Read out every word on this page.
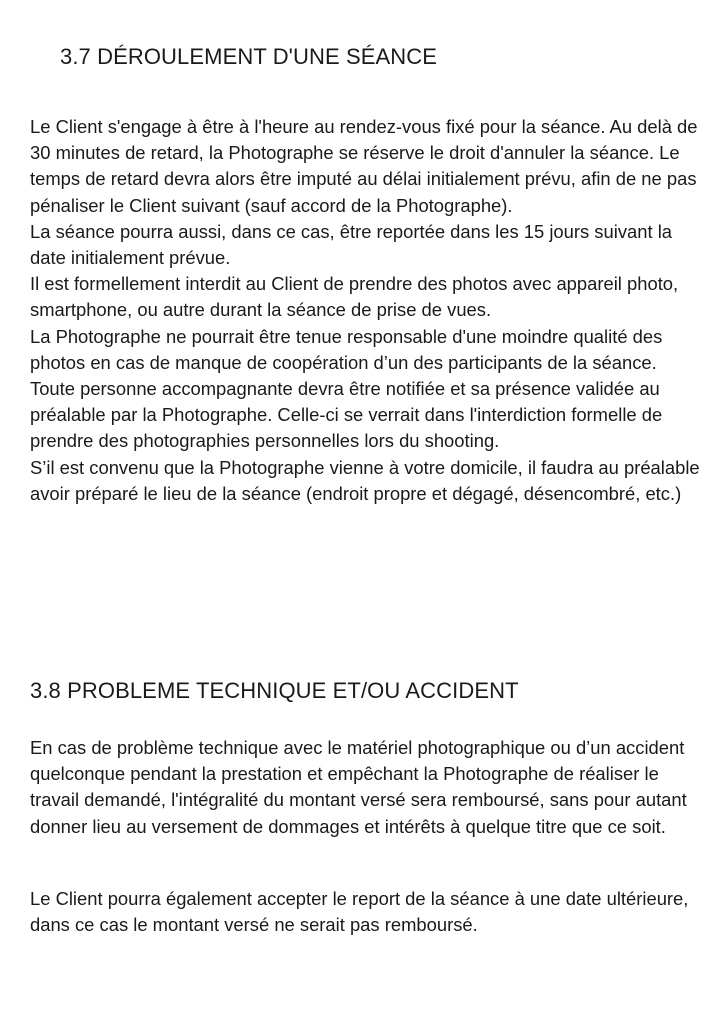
3.7 DÉROULEMENT D'UNE SÉANCE

Le Client s'engage à être à l'heure au rendez-vous fixé pour la séance. Au delà de 30 minutes de retard, la Photographe se réserve le droit d'annuler la séance. Le temps de retard devra alors être imputé au délai initialement prévu, afin de ne pas pénaliser le Client suivant (sauf accord de la Photographe).

La séance pourra aussi, dans ce cas, être reportée dans les 15 jours suivant la date initialement prévue.

Il est formellement interdit au Client de prendre des photos avec appareil photo, smartphone, ou autre durant la séance de prise de vues.

La Photographe ne pourrait être tenue responsable d'une moindre qualité des photos en cas de manque de coopération d’un des participants de la séance.

Toute personne accompagnante devra être notifiée et sa présence validée au préalable par la Photographe. Celle-ci se verrait dans l'interdiction formelle de prendre des photographies personnelles lors du shooting.

S’il est convenu que la Photographe vienne à votre domicile, il faudra au préalable avoir préparé le lieu de la séance (endroit propre et dégagé, désencombré, etc.)

3.8 PROBLEME TECHNIQUE ET/OU ACCIDENT

En cas de problème technique avec le matériel photographique ou d’un accident quelconque pendant la prestation et empêchant la Photographe de réaliser le travail demandé, l'intégralité du montant versé sera remboursé, sans pour autant donner lieu au versement de dommages et intérêts à quelque titre que ce soit.

Le Client pourra également accepter le report de la séance à une date ultérieure, dans ce cas le montant versé ne serait pas remboursé.
